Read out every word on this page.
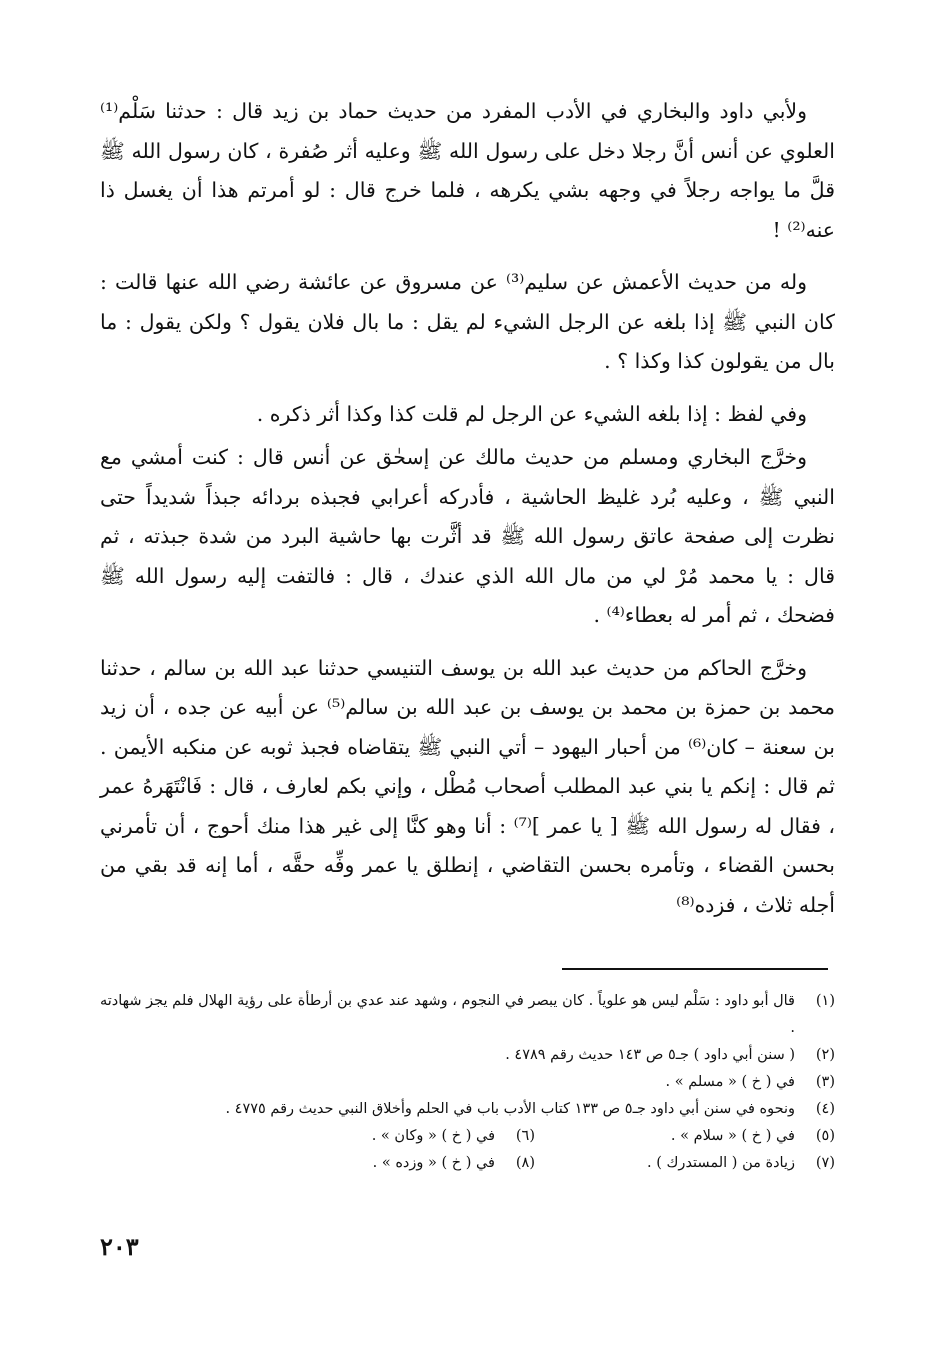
ولأبي داود والبخاري في الأدب المفرد من حديث حماد بن زيد قال : حدثنا سَلْم⁽¹⁾ العلوي عن أنس أنَّ رجلا دخل على رسول الله ﷺ وعليه أثر صُفرة ، كان رسول الله ﷺ قلَّ ما يواجه رجلاً في وجهه بشي يكرهه ، فلما خرج قال : لو أمرتم هذا أن يغسل ذا عنه⁽²⁾ !

وله من حديث الأعمش عن سليم⁽³⁾ عن مسروق عن عائشة رضي الله عنها قالت : كان النبي ﷺ إذا بلغه عن الرجل الشيء لم يقل : ما بال فلان يقول ؟ ولكن يقول : ما بال من يقولون كذا وكذا ؟ .

وفي لفظ : إذا بلغه الشيء عن الرجل لم قلت كذا وكذا أثر ذكره .

وخرَّج البخاري ومسلم من حديث مالك عن إسحٰق عن أنس قال : كنت أمشي مع النبي ﷺ ، وعليه بُرد غليظ الحاشية ، فأدركه أعرابي فجبذه بردائه جبذاً شديداً حتى نظرت إلى صفحة عاتق رسول الله ﷺ قد أثَّرت بها حاشية البرد من شدة جبذته ، ثم قال : يا محمد مُرْ لي من مال الله الذي عندك ، قال : فالتفت إليه رسول الله ﷺ فضحك ، ثم أمر له بعطاء⁽⁴⁾ .

وخرَّج الحاكم من حديث عبد الله بن يوسف التنيسي حدثنا عبد الله بن سالم ، حدثنا محمد بن حمزة بن محمد بن يوسف بن عبد الله بن سالم⁽⁵⁾ عن أبيه عن جده ، أن زيد بن سعنة – كان⁽⁶⁾ من أحبار اليهود – أتي النبي ﷺ يتقاضاه فجبذ ثوبه عن منكبه الأيمن . ثم قال : إنكم يا بني عبد المطلب أصحاب مُطْل ، وإني بكم لعارف ، قال : فَانْتَهَرهُ عمر ، فقال له رسول الله ﷺ [ يا عمر ]⁽⁷⁾ : أنا وهو كنَّا إلى غير هذا منك أحوج ، أن تأمرني بحسن القضاء ، وتأمره بحسن التقاضي ، إنطلق يا عمر وفِّه حقَّه ، أما إنه قد بقي من أجله ثلاث ، فزده⁽⁸⁾

(١)
قال أبو داود : سَلْم ليس هو علوياً . كان يبصر في النجوم ، وشهد عند عدي بن أرطأة على رؤية الهلال فلم يجز شهادته .
(٢)
( سنن أبي داود ) جـ٥ ص ١٤٣ حديث رقم ٤٧٨٩ .
(٣)
في ( خ ) « مسلم » .
(٤)
ونحوه في سنن أبي داود جـ٥ ص ١٣٣ كتاب الأدب باب في الحلم وأخلاق النبي حديث رقم ٤٧٧٥ .
(٥)
في ( خ ) « سلام » .
(٦)
في ( خ ) « وكان » .
(٧)
زيادة من ( المستدرك ) .
(٨)
في ( خ ) « وزده » .
٢٠٣
